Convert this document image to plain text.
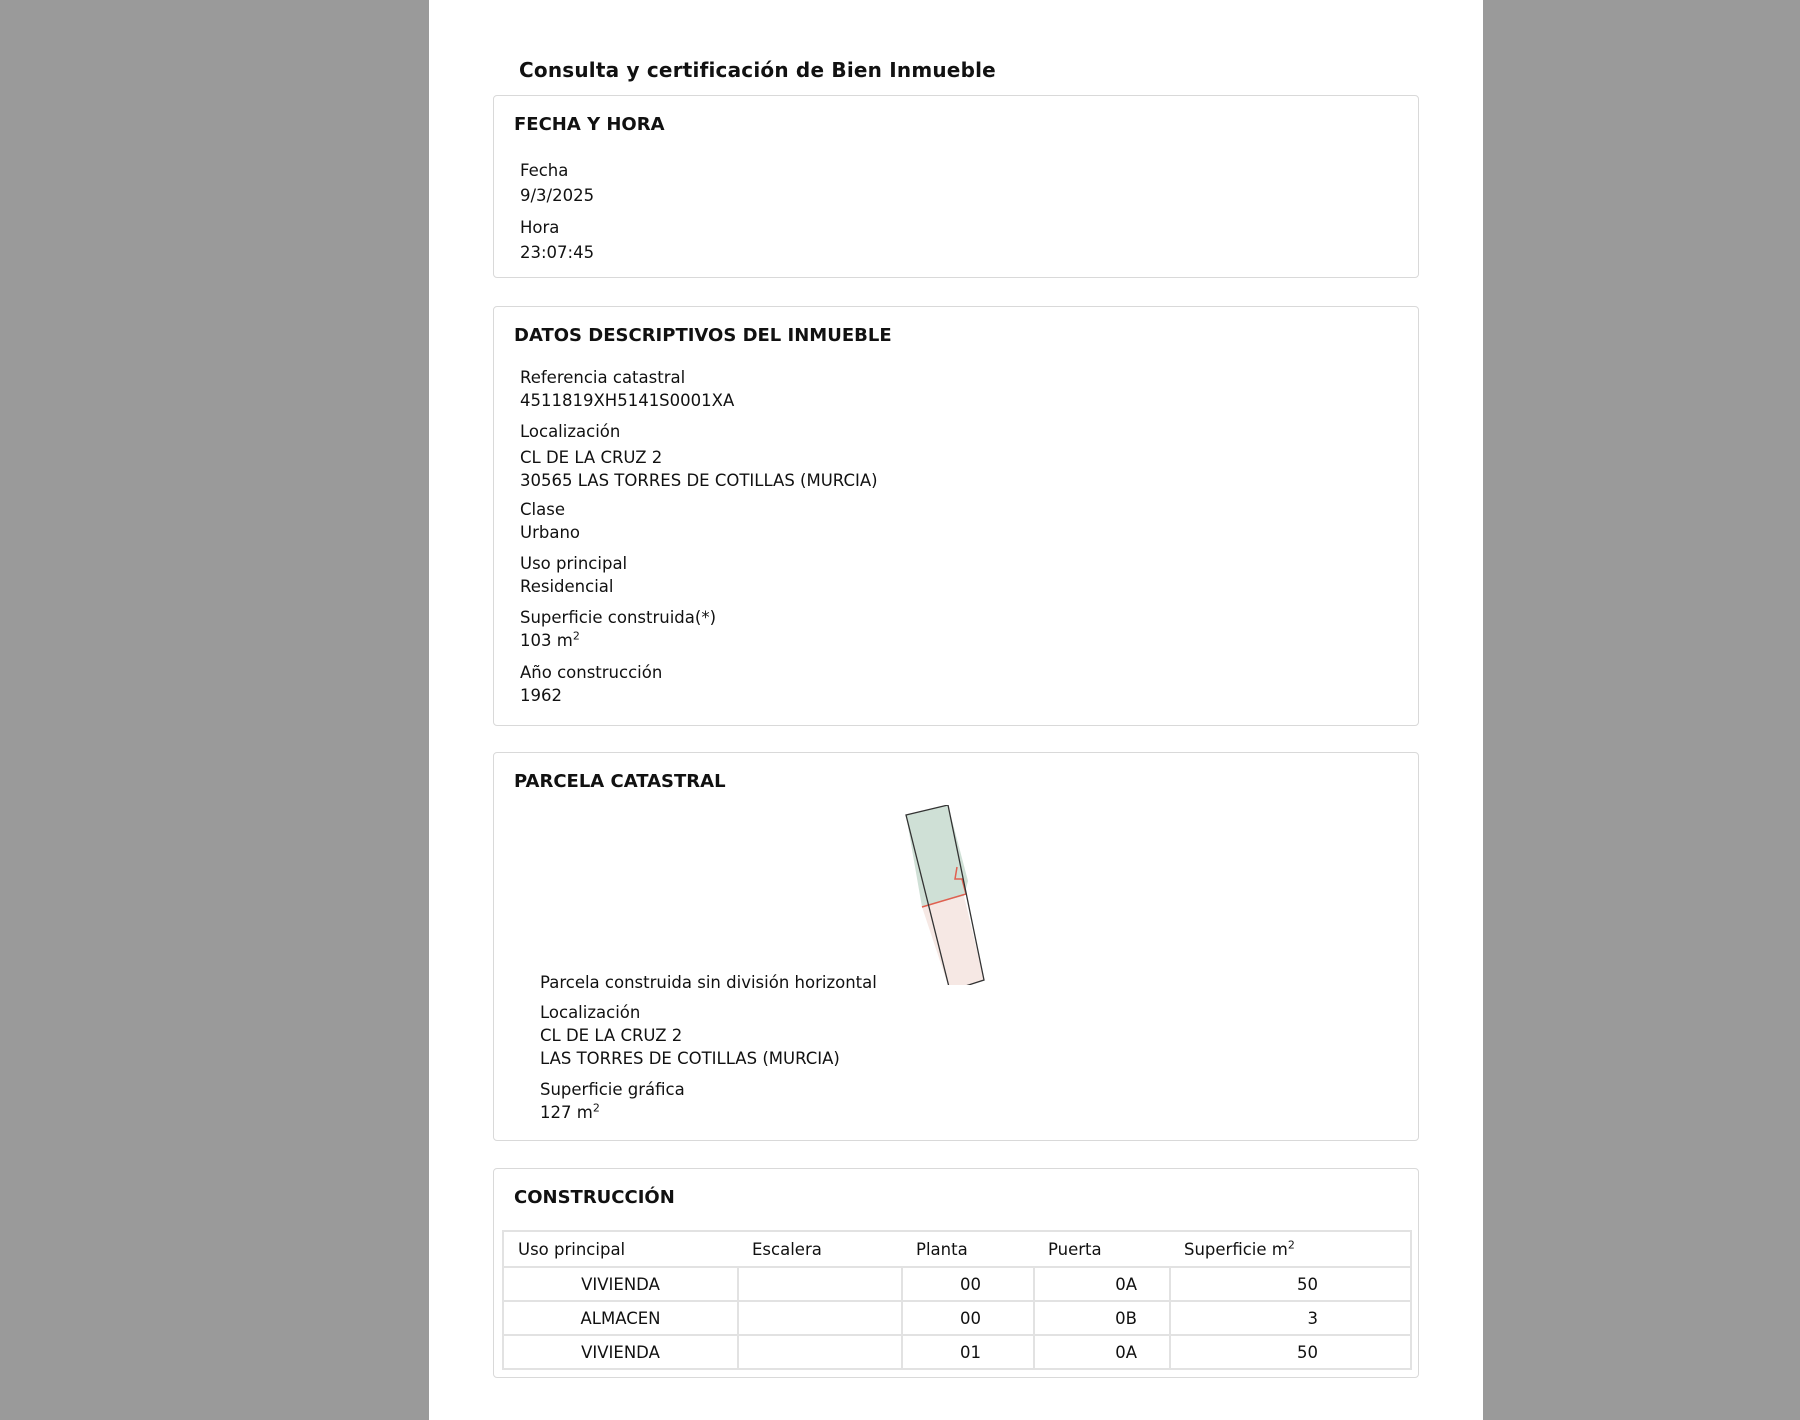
Consulta y certificación de Bien Inmueble
FECHA Y HORA
Fecha
9/3/2025
Hora
23:07:45
DATOS DESCRIPTIVOS DEL INMUEBLE
Referencia catastral
4511819XH5141S0001XA
Localización
CL DE LA CRUZ 2
30565 LAS TORRES DE COTILLAS (MURCIA)
Clase
Urbano
Uso principal
Residencial
Superficie construida(*)
103 $m^2$
Año construcción
1962
PARCELA CATASTRAL
Parcela construida sin división horizontal
Localización
CL DE LA CRUZ 2
LAS TORRES DE COTILLAS (MURCIA)
Superficie gráfica
127 $m^2$
CONSTRUCCIÓN
Uso principal	Escalera	Planta	Puerta	Superficie $m^2$
VIVIENDA		00	0A	50
ALMACEN		00	0B	3
VIVIENDA		01	0A	50
